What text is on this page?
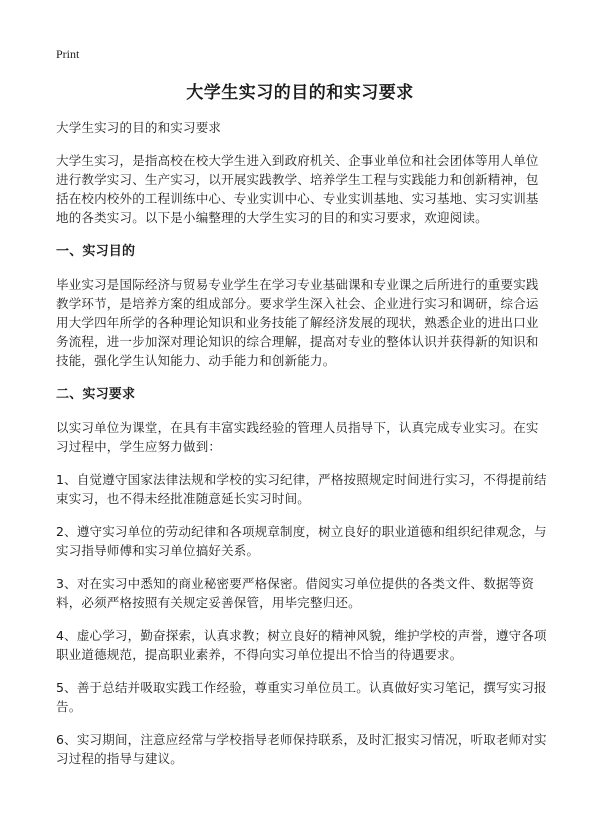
Print
大学生实习的目的和实习要求

大学生实习的目的和实习要求

大学生实习，是指高校在校大学生进入到政府机关、企事业单位和社会团体等用人单位进行教学实习、生产实习，以开展实践教学、培养学生工程与实践能力和创新精神，包括在校内校外的工程训练中心、专业实训中心、专业实训基地、实习基地、实习实训基地的各类实习。以下是小编整理的大学生实习的目的和实习要求，欢迎阅读。

一、实习目的

毕业实习是国际经济与贸易专业学生在学习专业基础课和专业课之后所进行的重要实践教学环节，是培养方案的组成部分。要求学生深入社会、企业进行实习和调研，综合运用大学四年所学的各种理论知识和业务技能了解经济发展的现状，熟悉企业的进出口业务流程，进一步加深对理论知识的综合理解，提高对专业的整体认识并获得新的知识和技能，强化学生认知能力、动手能力和创新能力。

二、实习要求

以实习单位为课堂，在具有丰富实践经验的管理人员指导下，认真完成专业实习。在实习过程中，学生应努力做到：

1、自觉遵守国家法律法规和学校的实习纪律，严格按照规定时间进行实习，不得提前结束实习，也不得未经批准随意延长实习时间。

2、遵守实习单位的劳动纪律和各项规章制度，树立良好的职业道德和组织纪律观念，与实习指导师傅和实习单位搞好关系。

3、对在实习中悉知的商业秘密要严格保密。借阅实习单位提供的各类文件、数据等资料，必须严格按照有关规定妥善保管，用毕完整归还。

4、虚心学习，勤奋探索，认真求教；树立良好的精神风貌，维护学校的声誉，遵守各项职业道德规范，提高职业素养，不得向实习单位提出不恰当的待遇要求。

5、善于总结并吸取实践工作经验，尊重实习单位员工。认真做好实习笔记，撰写实习报告。

6、实习期间，注意应经常与学校指导老师保持联系，及时汇报实习情况，听取老师对实习过程的指导与建议。
